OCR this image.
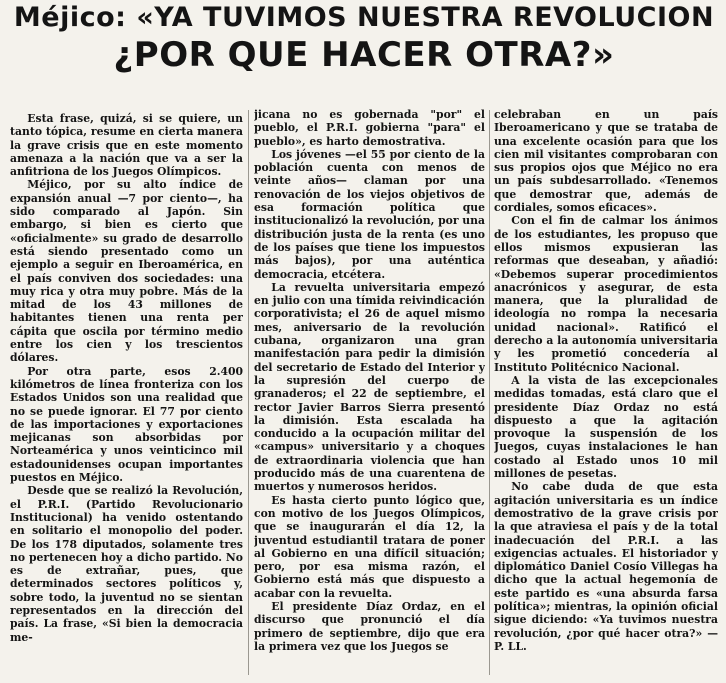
Méjico: «YA TUVIMOS NUESTRA REVOLUCION
¿POR QUE HACER OTRA?»

Esta frase, quizá, si se quiere, un tanto tópica, resume en cierta manera la grave crisis que en este momento amenaza a la nación que va a ser la anfitriona de los Juegos Olímpicos.

Méjico, por su alto índice de expansión anual —7 por ciento—, ha sido comparado al Japón. Sin embargo, si bien es cierto que «oficialmente» su grado de desarrollo está siendo presentado como un ejemplo a seguir en Iberoamérica, en el país conviven dos sociedades: una muy rica y otra muy pobre. Más de la mitad de los 43 millones de habitantes tienen una renta per cápita que oscila por término medio entre los cien y los trescientos dólares.

Por otra parte, esos 2.400 kilómetros de línea fronteriza con los Estados Unidos son una realidad que no se puede ignorar. El 77 por ciento de las importaciones y exportaciones mejicanas son absorbidas por Norteamérica y unos veinticinco mil estadounidenses ocupan importantes puestos en Méjico.

Desde que se realizó la Revolución, el P.R.I. (Partido Revolucionario Institucional) ha venido ostentando en solitario el monopolio del poder. De los 178 diputados, solamente tres no pertenecen hoy a dicho partido. No es de extrañar, pues, que determinados sectores políticos y, sobre todo, la juventud no se sientan representados en la dirección del país. La frase, «Si bien la democracia me-

jicana no es gobernada "por" el pueblo, el P.R.I. gobierna "para" el pueblo», es harto demostrativa.

Los jóvenes —el 55 por ciento de la población cuenta con menos de veinte años— claman por una renovación de los viejos objetivos de esa formación política que institucionalizó la revolución, por una distribución justa de la renta (es uno de los países que tiene los impuestos más bajos), por una auténtica democracia, etcétera.

La revuelta universitaria empezó en julio con una tímida reivindicación corporativista; el 26 de aquel mismo mes, aniversario de la revolución cubana, organizaron una gran manifestación para pedir la dimisión del secretario de Estado del Interior y la supresión del cuerpo de granaderos; el 22 de septiembre, el rector Javier Barros Sierra presentó la dimisión. Esta escalada ha conducido a la ocupación militar del «campus» universitario y a choques de extraordinaria violencia que han producido más de una cuarentena de muertos y numerosos heridos.

Es hasta cierto punto lógico que, con motivo de los Juegos Olímpicos, que se inaugurarán el día 12, la juventud estudiantil tratara de poner al Gobierno en una difícil situación; pero, por esa misma razón, el Gobierno está más que dispuesto a acabar con la revuelta.

El presidente Díaz Ordaz, en el discurso que pronunció el día primero de septiembre, dijo que era la primera vez que los Juegos se

celebraban en un país Iberoamericano y que se trataba de una excelente ocasión para que los cien mil visitantes comprobaran con sus propios ojos que Méjico no era un país subdesarrollado. «Tenemos que demostrar que, además de cordiales, somos eficaces».

Con el fin de calmar los ánimos de los estudiantes, les propuso que ellos mismos expusieran las reformas que deseaban, y añadió: «Debemos superar procedimientos anacrónicos y asegurar, de esta manera, que la pluralidad de ideología no rompa la necesaria unidad nacional». Ratificó el derecho a la autonomía universitaria y les prometió concedería al Instituto Politécnico Nacional.

A la vista de las excepcionales medidas tomadas, está claro que el presidente Díaz Ordaz no está dispuesto a que la agitación provoque la suspensión de los Juegos, cuyas instalaciones le han costado al Estado unos 10 mil millones de pesetas.

No cabe duda de que esta agitación universitaria es un índice demostrativo de la grave crisis por la que atraviesa el país y de la total inadecuación del P.R.I. a las exigencias actuales. El historiador y diplomático Daniel Cosío Villegas ha dicho que la actual hegemonía de este partido es «una absurda farsa política»; mientras, la opinión oficial sigue diciendo: «Ya tuvimos nuestra revolución, ¿por qué hacer otra?» — P. LL.
